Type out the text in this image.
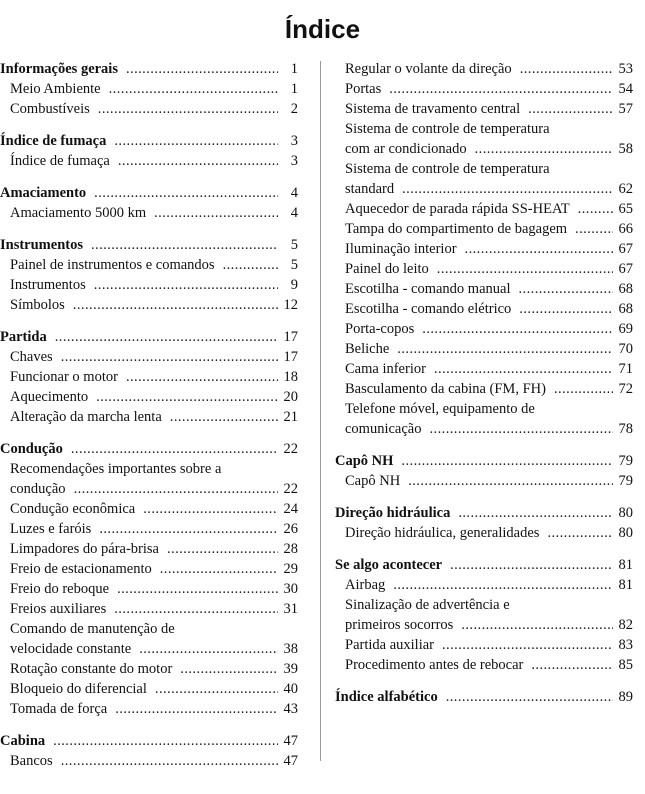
Índice
Informações gerais . . .	1
Meio Ambiente . . .	1
Combustíveis . . .	2
Índice de fumaça . . .	3
Índice de fumaça . . .	3
Amaciamento . . .	4
Amaciamento 5000 km . . .	4
Instrumentos . . .	5
Painel de instrumentos e comandos . . .	5
Instrumentos . . .	9
Símbolos . . .	12
Partida . . .	17
Chaves . . .	17
Funcionar o motor . . .	18
Aquecimento . . .	20
Alteração da marcha lenta . . .	21
Condução . . .	22
Recomendações importantes sobre a
condução . . .	22
Condução econômica . . .	24
Luzes e faróis . . .	26
Limpadores do pára-brisa . . .	28
Freio de estacionamento . . .	29
Freio do reboque . . .	30
Freios auxiliares . . .	31
Comando de manutenção de
velocidade constante . . .	38
Rotação constante do motor . . .	39
Bloqueio do diferencial . . .	40
Tomada de força . . .	43
Cabina . . .	47
Bancos . . .	47
Regular o volante da direção . . .	53
Portas . . .	54
Sistema de travamento central . . .	57
Sistema de controle de temperatura
com ar condicionado . . .	58
Sistema de controle de temperatura
standard . . .	62
Aquecedor de parada rápida SS-HEAT . . .	65
Tampa do compartimento de bagagem . . .	66
Iluminação interior . . .	67
Painel do leito . . .	67
Escotilha - comando manual . . .	68
Escotilha - comando elétrico . . .	68
Porta-copos . . .	69
Beliche . . .	70
Cama inferior . . .	71
Basculamento da cabina (FM, FH) . . .	72
Telefone móvel, equipamento de
comunicação . . .	78
Capô NH . . .	79
Capô NH . . .	79
Direção hidráulica . . .	80
Direção hidráulica, generalidades . . .	80
Se algo acontecer . . .	81
Airbag . . .	81
Sinalização de advertência e
primeiros socorros . . .	82
Partida auxiliar . . .	83
Procedimento antes de rebocar . . .	85
Índice alfabético . . .	89
